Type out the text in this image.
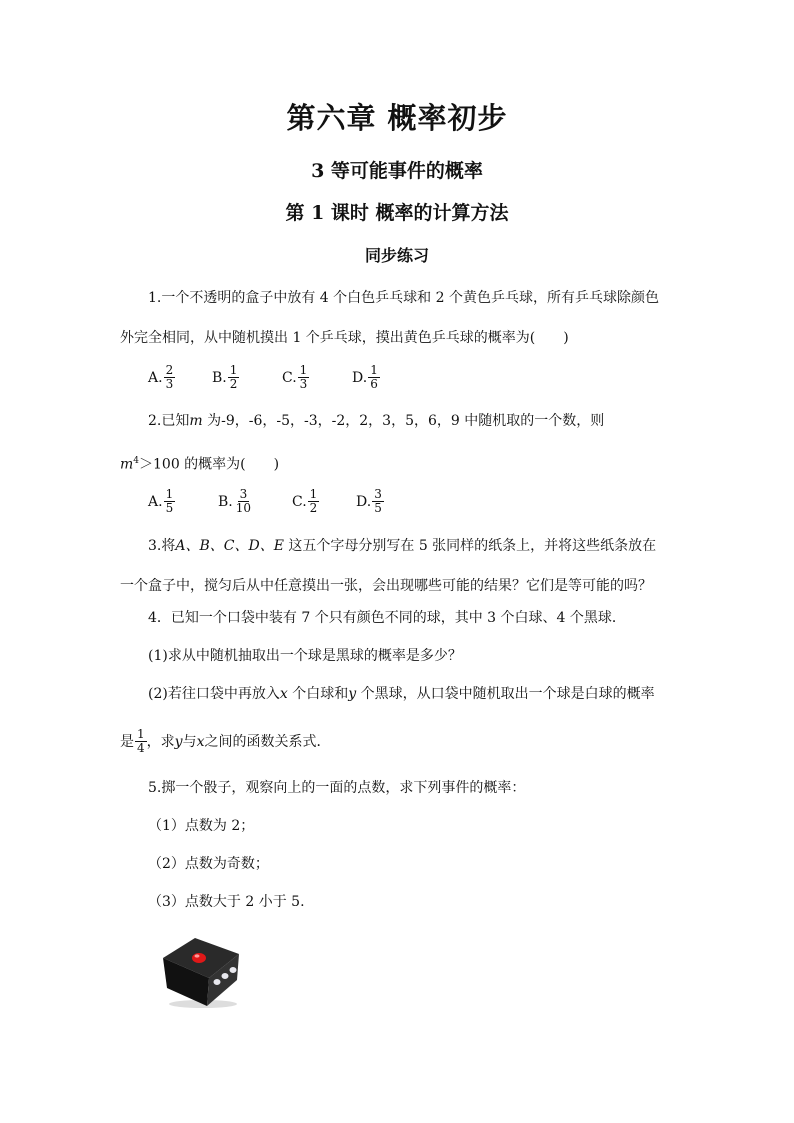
第六章 概率初步
3 等可能事件的概率
第 1 课时 概率的计算方法
同步练习
1.一个不透明的盒子中放有 4 个白色乒乓球和 2 个黄色乒乓球，所有乒乓球除颜色
外完全相同，从中随机摸出 1 个乒乓球，摸出黄色乒乓球的概率为(　　)
A. $\frac{2}{3}$	B. $\frac{1}{2}$	C. $\frac{1}{3}$	D. $\frac{1}{6}$
2.已知m 为-9，-6，-5，-3，-2，2，3，5，6，9 中随机取的一个数，则
$m^4>100$ 的概率为(　　)
A. $\frac{1}{5}$	B. $\frac{3}{10}$	C. $\frac{1}{2}$	D. $\frac{3}{5}$
3.将A、B、C、D、E 这五个字母分别写在 5 张同样的纸条上，并将这些纸条放在
一个盒子中，搅匀后从中任意摸出一张，会出现哪些可能的结果？它们是等可能的吗？
4．已知一个口袋中装有 7 个只有颜色不同的球，其中 3 个白球、4 个黑球．
(1)求从中随机抽取出一个球是黑球的概率是多少？
(2)若往口袋中再放入x 个白球和y 个黑球，从口袋中随机取出一个球是白球的概率
是 $\frac{1}{4}$ ，求 y 与 x 之间的函数关系式．
5.掷一个骰子，观察向上的一面的点数，求下列事件的概率：
（1）点数为 2；
（2）点数为奇数；
（3）点数大于 2 小于 5.
